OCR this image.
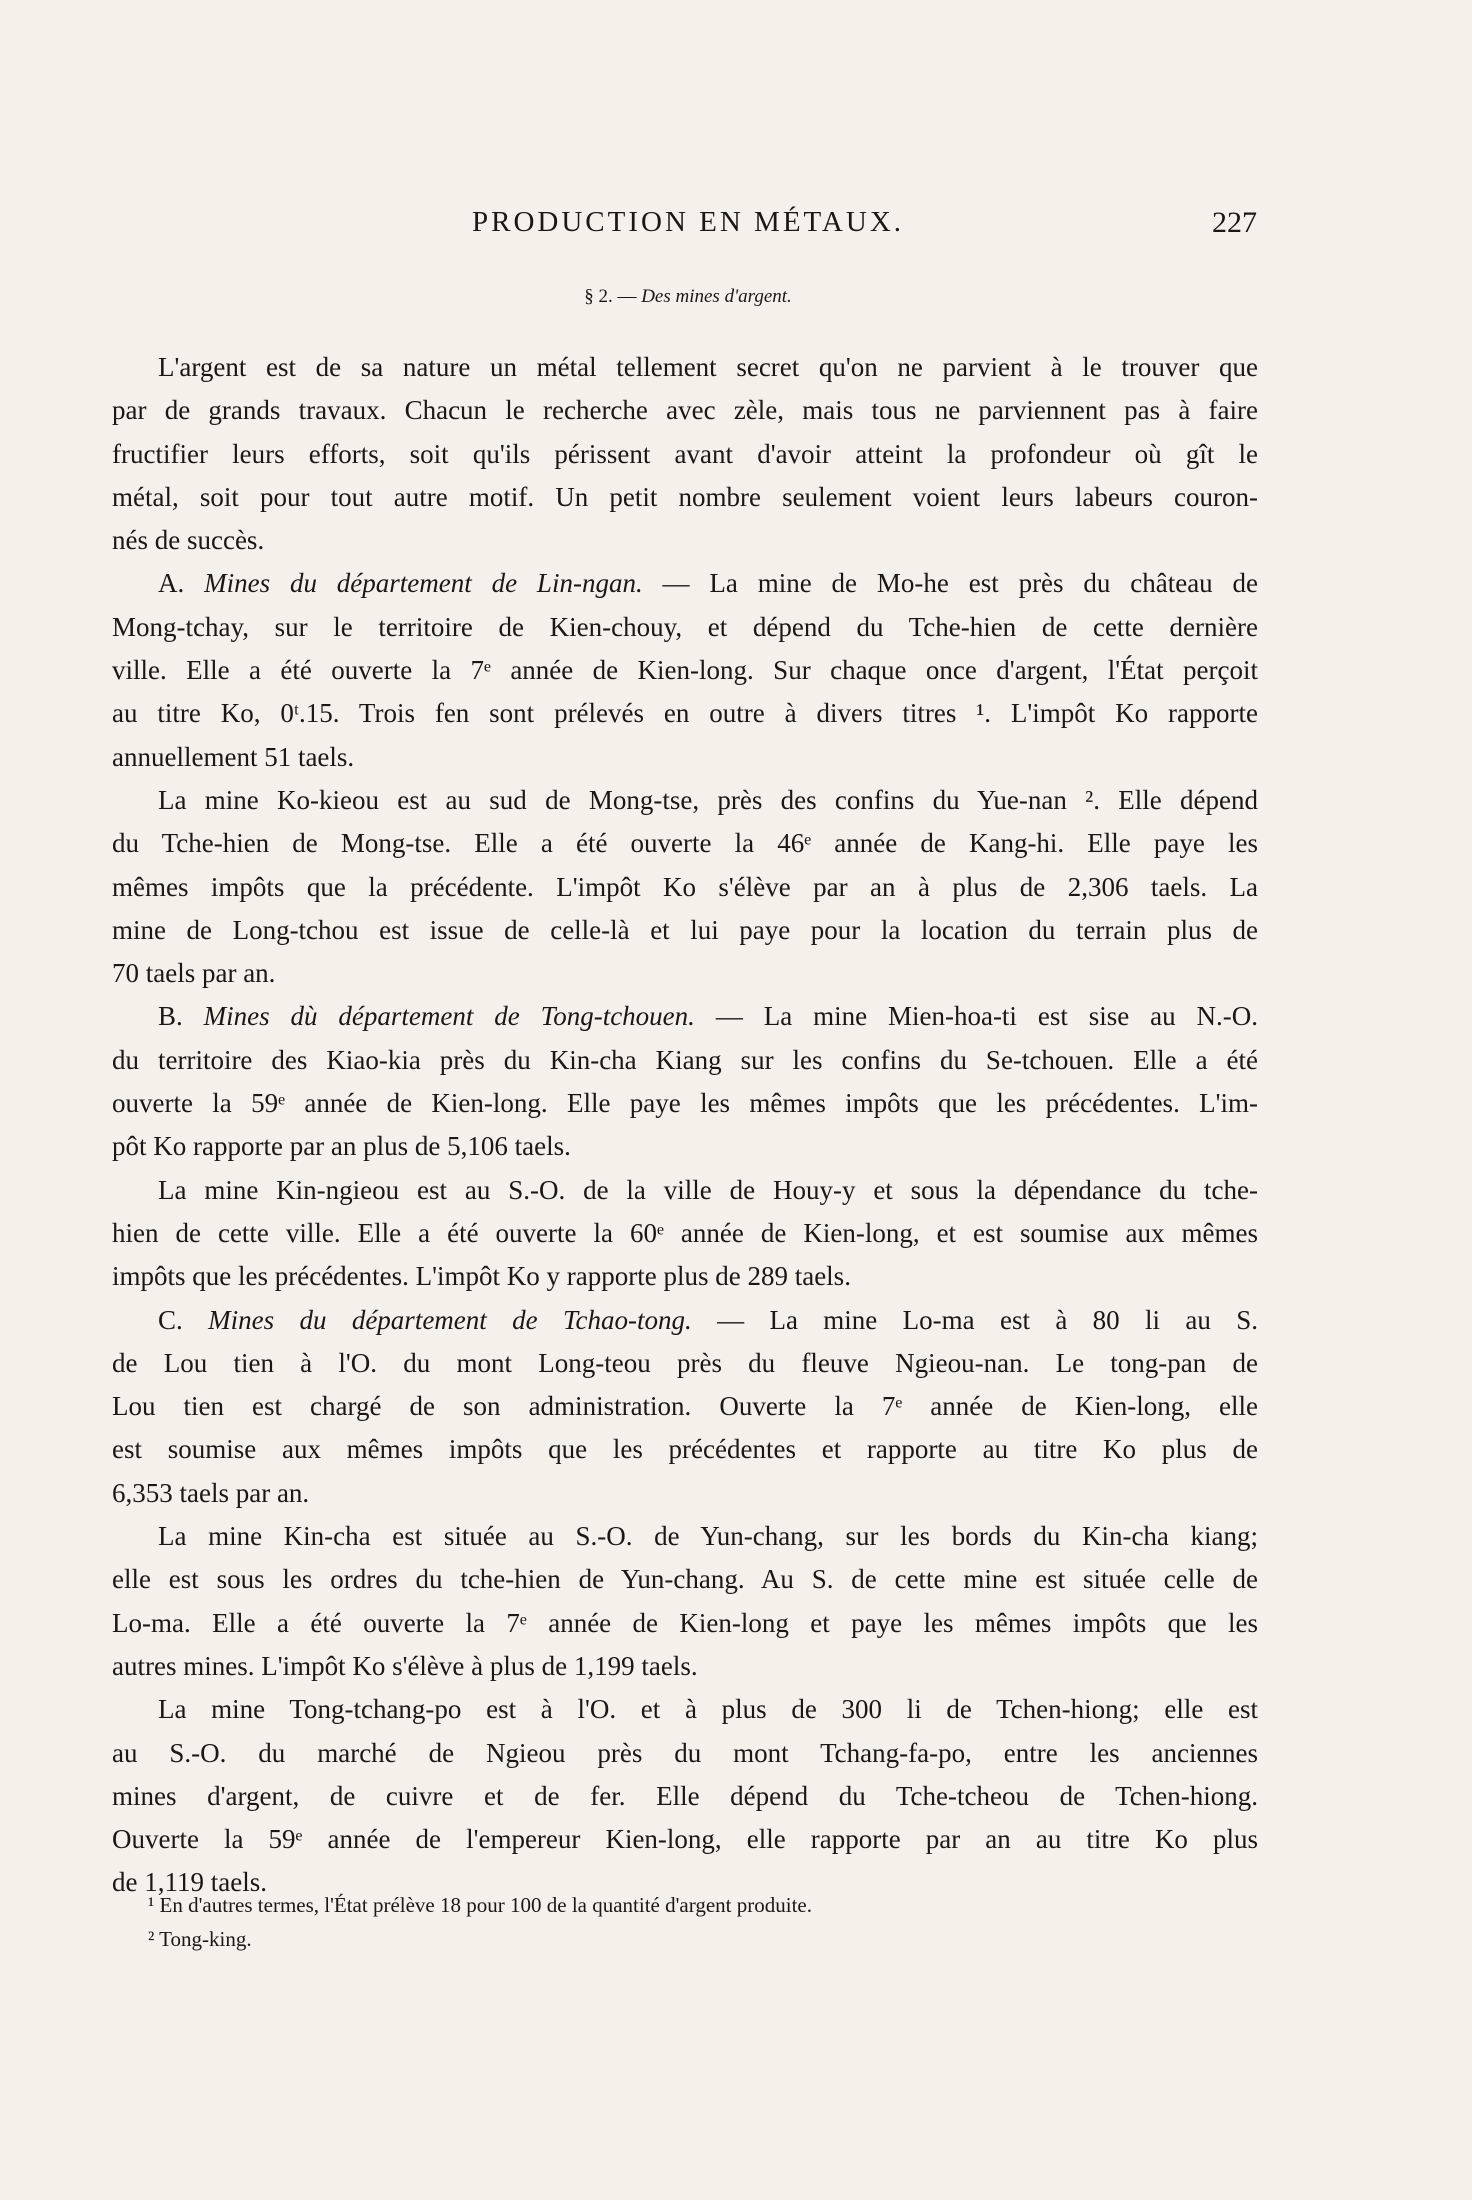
PRODUCTION EN MÉTAUX.	227
§ 2. — Des mines d'argent.
L'argent est de sa nature un métal tellement secret qu'on ne parvient à le trouver que
par de grands travaux. Chacun le recherche avec zèle, mais tous ne parviennent pas à faire
fructifier leurs efforts, soit qu'ils périssent avant d'avoir atteint la profondeur où gît le
métal, soit pour tout autre motif. Un petit nombre seulement voient leurs labeurs couron-
nés de succès.
A. Mines du département de Lin-ngan. — La mine de Mo-he est près du château de
Mong-tchay, sur le territoire de Kien-chouy, et dépend du Tche-hien de cette dernière
ville. Elle a été ouverte la 7ᵉ année de Kien-long. Sur chaque once d'argent, l'État perçoit
au titre Ko, 0ᵗ.15. Trois fen sont prélevés en outre à divers titres ¹. L'impôt Ko rapporte
annuellement 51 taels.
La mine Ko-kieou est au sud de Mong-tse, près des confins du Yue-nan ². Elle dépend
du Tche-hien de Mong-tse. Elle a été ouverte la 46ᵉ année de Kang-hi. Elle paye les
mêmes impôts que la précédente. L'impôt Ko s'élève par an à plus de 2,306 taels. La
mine de Long-tchou est issue de celle-là et lui paye pour la location du terrain plus de
70 taels par an.
B. Mines dù département de Tong-tchouen. — La mine Mien-hoa-ti est sise au N.-O.
du territoire des Kiao-kia près du Kin-cha Kiang sur les confins du Se-tchouen. Elle a été
ouverte la 59ᵉ année de Kien-long. Elle paye les mêmes impôts que les précédentes. L'im-
pôt Ko rapporte par an plus de 5,106 taels.
La mine Kin-ngieou est au S.-O. de la ville de Houy-y et sous la dépendance du tche-
hien de cette ville. Elle a été ouverte la 60ᵉ année de Kien-long, et est soumise aux mêmes
impôts que les précédentes. L'impôt Ko y rapporte plus de 289 taels.
C. Mines du département de Tchao-tong. — La mine Lo-ma est à 80 li au S.
de Lou tien à l'O. du mont Long-teou près du fleuve Ngieou-nan. Le tong-pan de
Lou tien est chargé de son administration. Ouverte la 7ᵉ année de Kien-long, elle
est soumise aux mêmes impôts que les précédentes et rapporte au titre Ko plus de
6,353 taels par an.
La mine Kin-cha est située au S.-O. de Yun-chang, sur les bords du Kin-cha kiang;
elle est sous les ordres du tche-hien de Yun-chang. Au S. de cette mine est située celle de
Lo-ma. Elle a été ouverte la 7ᵉ année de Kien-long et paye les mêmes impôts que les
autres mines. L'impôt Ko s'élève à plus de 1,199 taels.
La mine Tong-tchang-po est à l'O. et à plus de 300 li de Tchen-hiong; elle est
au S.-O. du marché de Ngieou près du mont Tchang-fa-po, entre les anciennes
mines d'argent, de cuivre et de fer. Elle dépend du Tche-tcheou de Tchen-hiong.
Ouverte la 59ᵉ année de l'empereur Kien-long, elle rapporte par an au titre Ko plus
de 1,119 taels.
¹ En d'autres termes, l'État prélève 18 pour 100 de la quantité d'argent produite.
² Tong-king.
